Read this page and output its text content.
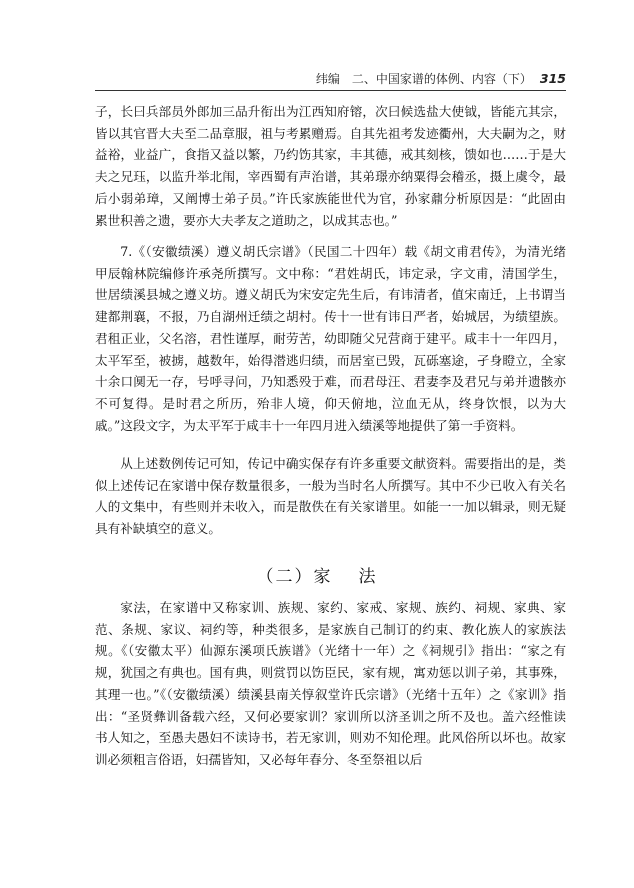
纬编　二、中国家谱的体例、内容（下） 315

子，长曰兵部员外郎加三品升衔出为江西知府镕，次曰候选盐大使钺，皆能亢其宗，皆以其官晋大夫至二品章服，祖与考累赠焉。自其先祖考发迹衢州，大夫嗣为之，财益裕，业益广，食指又益以繁，乃约饬其家，丰其德，戒其刻核，馈如也……于是大夫之兄珏，以监升举北闱，宰西蜀有声治谱，其弟璟亦纳粟得会稽丞，摄上虞令，最后小弱弟璋，又阐博士弟子员。”许氏家族能世代为官，孙家鼐分析原因是：“此固由累世积善之遗，要亦大夫孝友之道助之，以成其志也。”

7.《（安徽绩溪）遵义胡氏宗谱》（民国二十四年）载《胡文甫君传》，为清光绪甲辰翰林院编修许承尧所撰写。文中称：“君姓胡氏，讳定录，字文甫，清国学生，世居绩溪县城之遵义坊。遵义胡氏为宋安定先生后，有讳清者，值宋南迁，上书谓当建都荆襄，不报，乃自湖州迁绩之胡村。传十一世有讳日严者，始城居，为绩望族。君租正业，父名溶，君性谨厚，耐劳苦，幼即随父兄营商于建平。咸丰十一年四月，太平军至，被掳，越数年，始得潜逃归绩，而居室已毁，瓦砾塞途，孑身瞪立，全家十余口阒无一存，号呼寻问，乃知悉殁于难，而君母汪、君妻李及君兄与弟并遗骸亦不可复得。是时君之所历，殆非人境，仰天俯地，泣血无从，终身饮恨，以为大戚。”这段文字，为太平军于咸丰十一年四月进入绩溪等地提供了第一手资料。

从上述数例传记可知，传记中确实保存有许多重要文献资料。需要指出的是，类似上述传记在家谱中保存数量很多，一般为当时名人所撰写。其中不少已收入有关名人的文集中，有些则并未收入，而是散佚在有关家谱里。如能一一加以辑录，则无疑具有补缺填空的意义。

（二）家 法

家法，在家谱中又称家训、族规、家约、家戒、家规、族约、祠规、家典、家范、条规、家议、祠约等，种类很多，是家族自己制订的约束、教化族人的家族法规。《（安徽太平）仙源东溪项氏族谱》（光绪十一年）之《祠规引》指出：“家之有规，犹国之有典也。国有典，则赏罚以饬臣民，家有规，寓劝惩以训子弟，其事殊，其理一也。”《（安徽绩溪）绩溪县南关惇叙堂许氏宗谱》（光绪十五年）之《家训》指出：“圣贤彝训备载六经，又何必要家训？家训所以济圣训之所不及也。盖六经惟读书人知之，至愚夫愚妇不读诗书，若无家训，则劝不知伦理。此风俗所以坏也。故家训必须粗言俗语，妇孺皆知，又必每年春分、冬至祭祖以后
